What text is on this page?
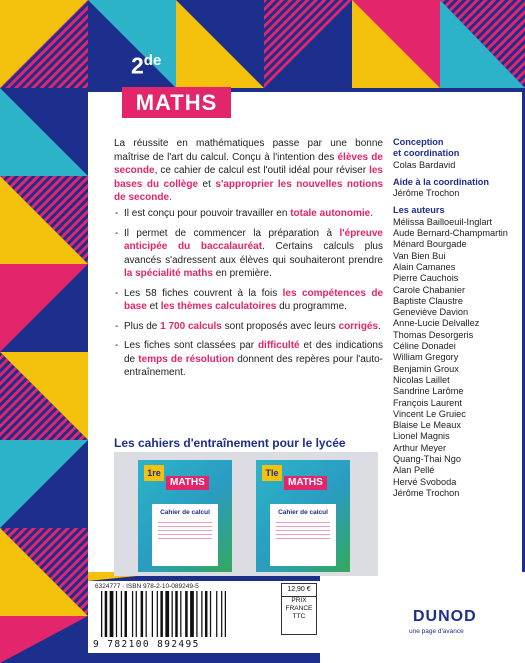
2de
MATHS
La réussite en mathématiques passe par une bonne maîtrise de l'art du calcul. Conçu à l'intention des élèves de seconde, ce cahier de calcul est l'outil idéal pour réviser les bases du collège et s'approprier les nouvelles notions de seconde.
- Il est conçu pour pouvoir travailler en totale autonomie.
- Il permet de commencer la préparation à l'épreuve anticipée du baccalauréat. Certains calculs plus avancés s'adressent aux élèves qui souhaiteront prendre la spécialité maths en première.
- Les 58 fiches couvrent à la fois les compétences de base et les thèmes calculatoires du programme.
- Plus de 1 700 calculs sont proposés avec leurs corrigés.
- Les fiches sont classées par difficulté et des indications de temps de résolution donnent des repères pour l'auto-entraînement.
Conception
et coordination
Colas Bardavid
Aide à la coordination
Jérôme Trochon
Les auteurs
Mélissa Bailloeuil-Inglart
Aude Bernard-Champmartin
Ménard Bourgade
Van Bien Bui
Alain Camanes
Pierre Cauchois
Carole Chabanier
Baptiste Claustre
Geneviève Davion
Anne-Lucie Delvallez
Thomas Desorgeris
Céline Donadei
William Gregory
Benjamin Groux
Nicolas Laillet
Sandrine Larôme
François Laurent
Vincent Le Gruiec
Blaise Le Meaux
Lionel Magnis
Arthur Meyer
Quang-Thai Ngo
Alan Pellé
Hervé Svoboda
Jérôme Trochon
Les cahiers d'entraînement pour le lycée
1re
MATHS
Cahier de calcul
Tle
MATHS
Cahier de calcul
6324777 · ISBN 978-2-10-089249-5
9 782100 892495
12,90 €
PRIX
FRANCE
TTC	DUNOD
une page d'avance
